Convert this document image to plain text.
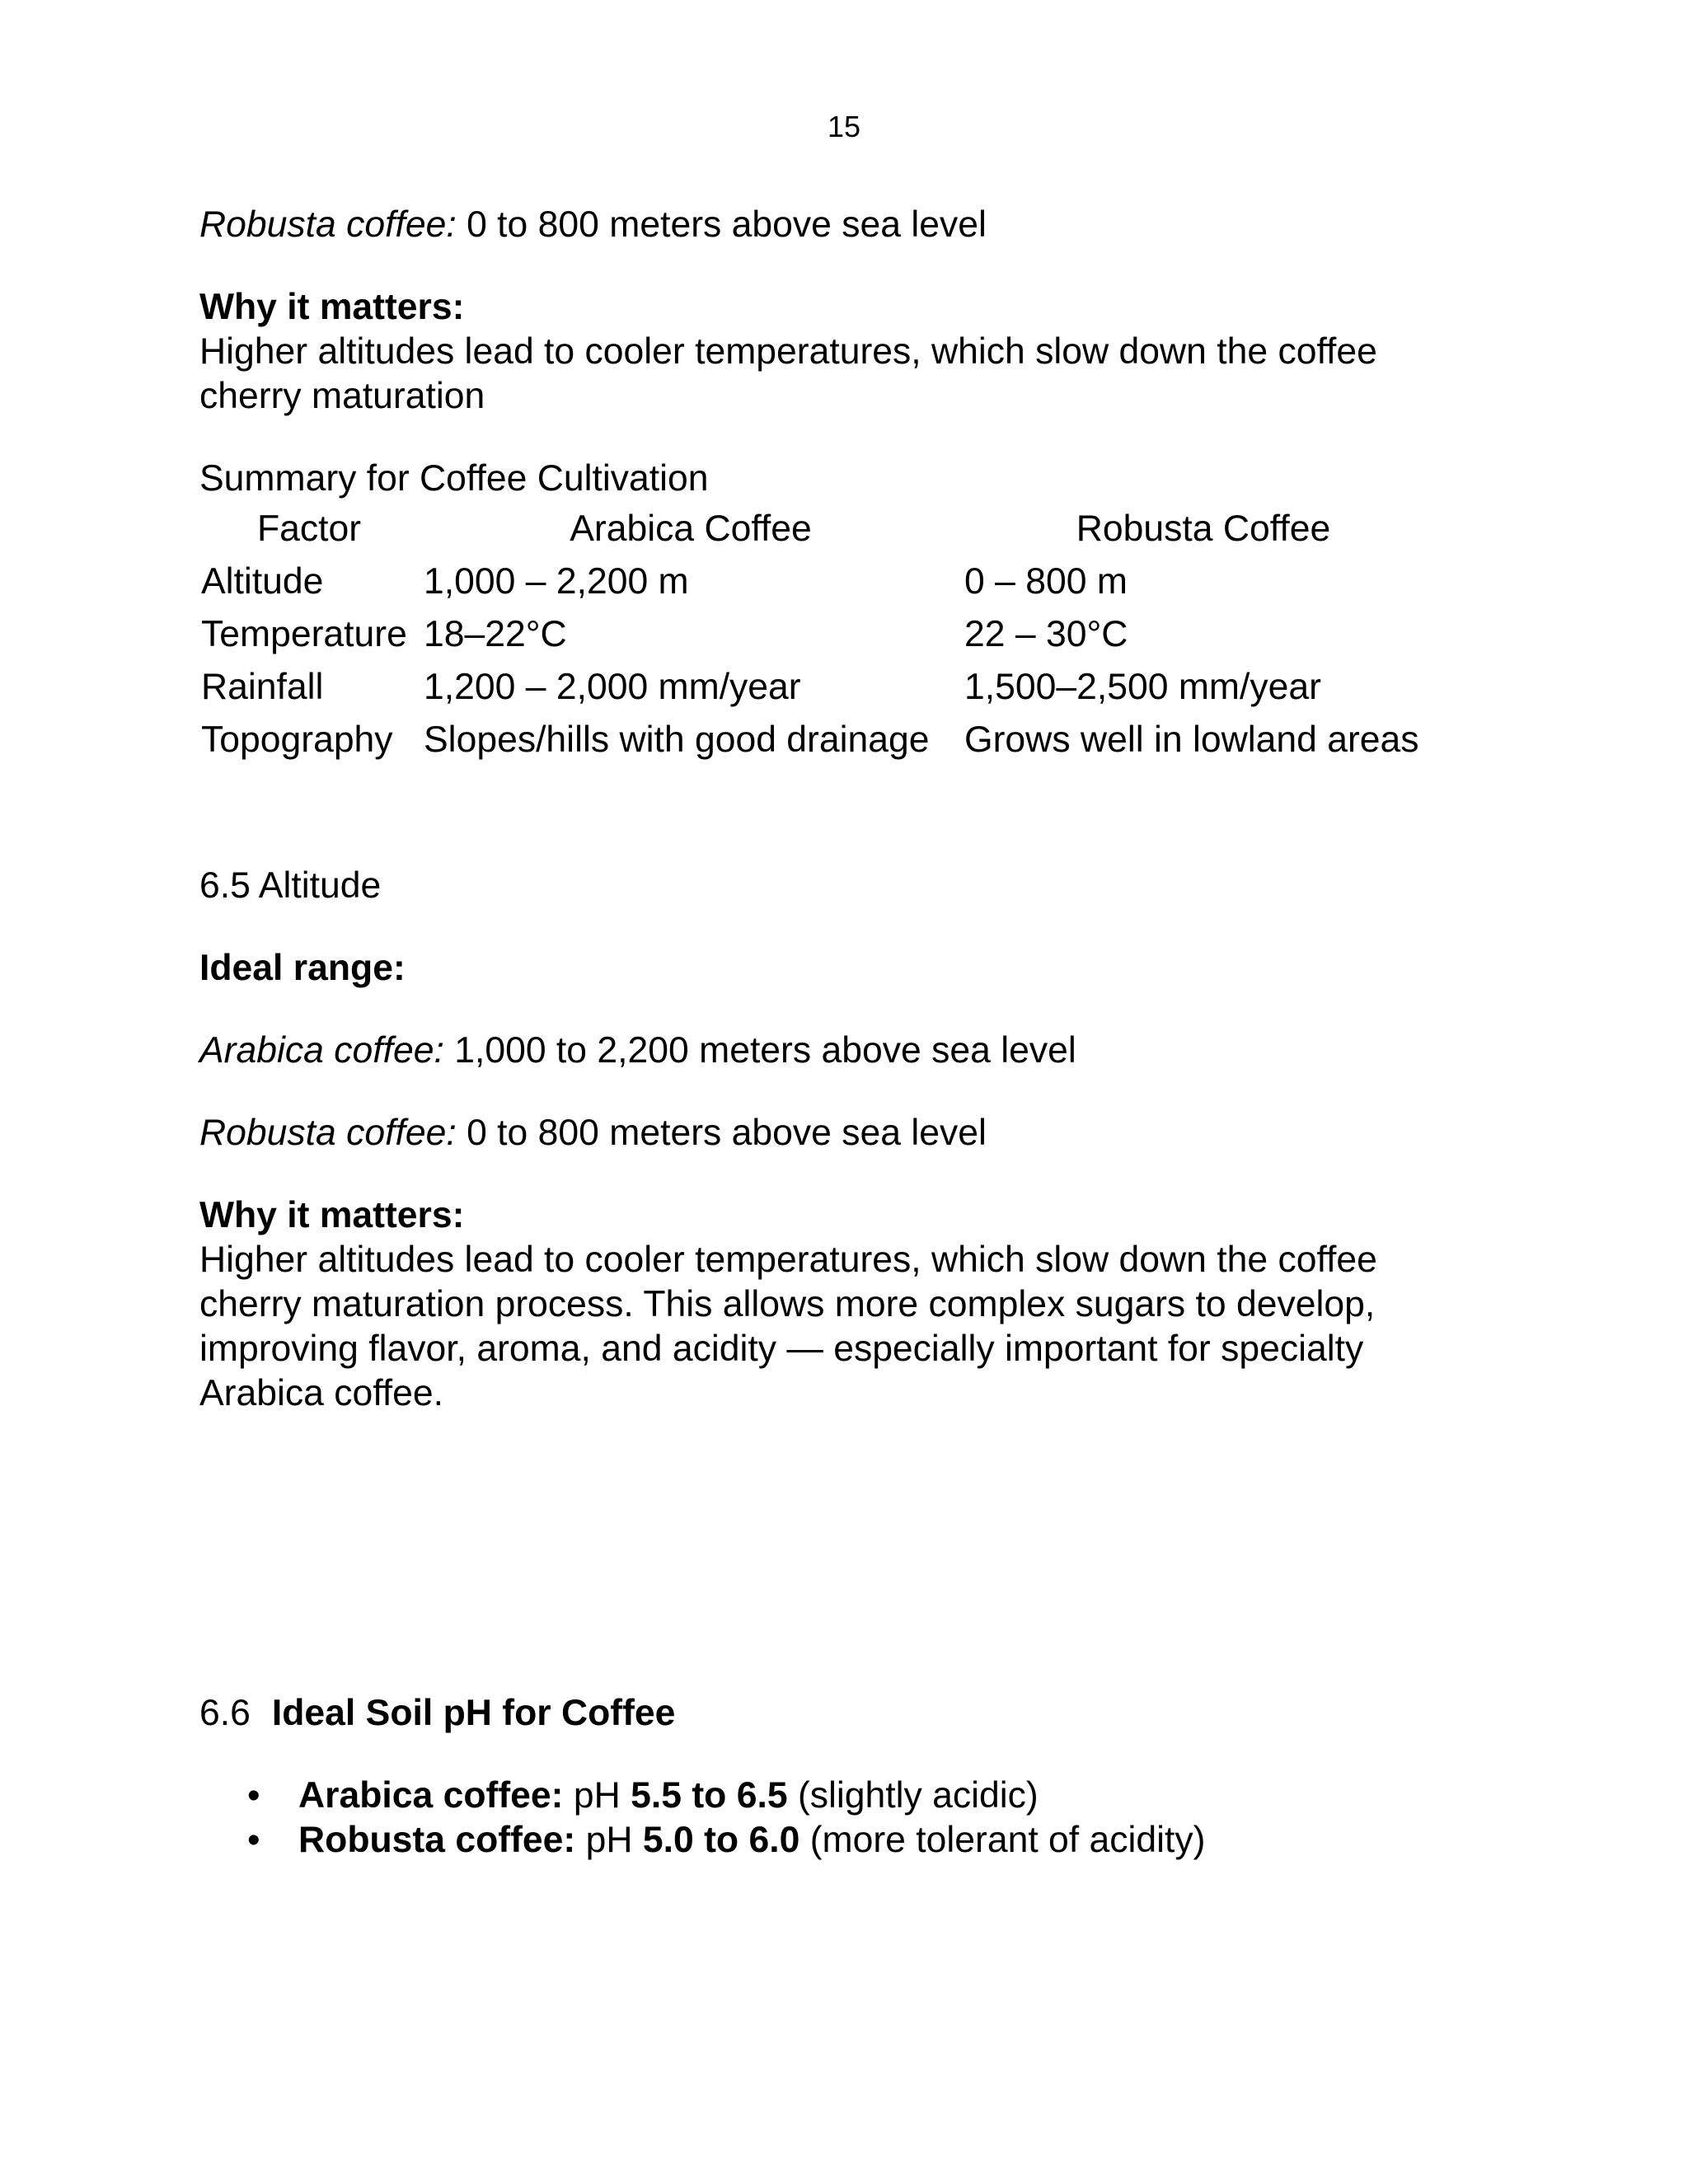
15
Robusta coffee: 0 to 800 meters above sea level
Why it matters:
Higher altitudes lead to cooler temperatures, which slow down the coffee
cherry maturation
Summary for Coffee Cultivation
Factor	Arabica Coffee	Robusta Coffee
Altitude	1,000 – 2,200 m	0 – 800 m
Temperature	18–22°C	22 – 30°C
Rainfall	1,200 – 2,000 mm/year	1,500–2,500 mm/year
Topography	Slopes/hills with good drainage	Grows well in lowland areas
6.5 Altitude
Ideal range:
Arabica coffee: 1,000 to 2,200 meters above sea level
Robusta coffee: 0 to 800 meters above sea level
Why it matters:
Higher altitudes lead to cooler temperatures, which slow down the coffee
cherry maturation process. This allows more complex sugars to develop,
improving flavor, aroma, and acidity — especially important for specialty
Arabica coffee.
6.6 Ideal Soil pH for Coffee
• Arabica coffee: pH 5.5 to 6.5 (slightly acidic)
• Robusta coffee: pH 5.0 to 6.0 (more tolerant of acidity)
